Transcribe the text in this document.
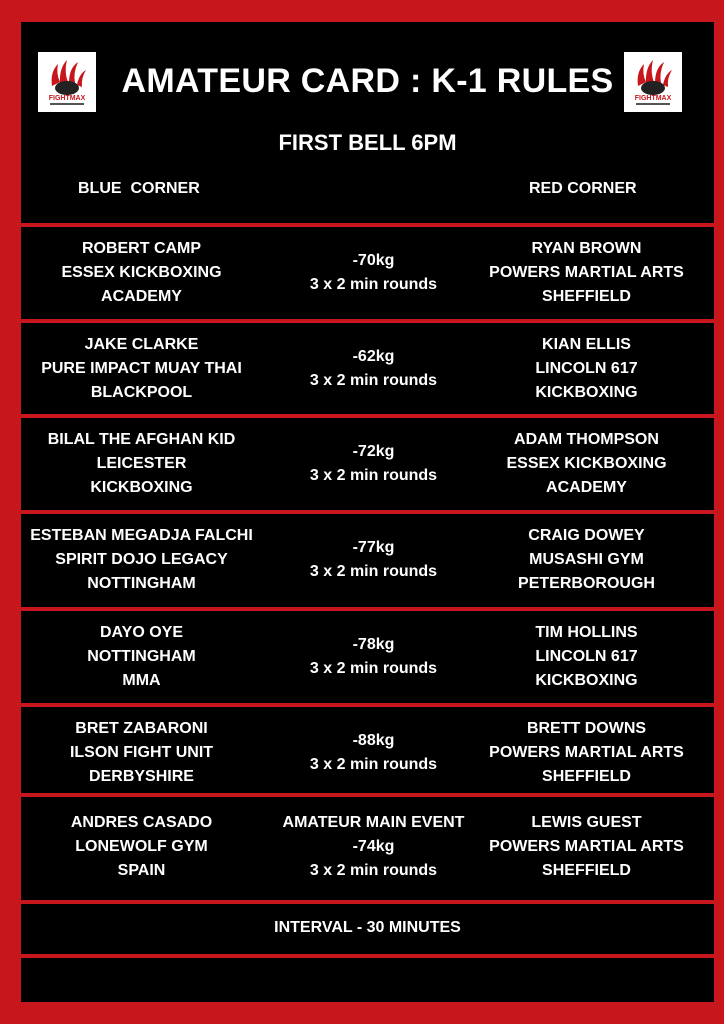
FIGHTMAX	FIGHTMAX
AMATEUR CARD : K-1 RULES
FIRST BELL 6PM
BLUE  CORNER	RED CORNER
ROBERT CAMP
ESSEX KICKBOXING
ACADEMY
-70kg
3 x 2 min rounds
RYAN BROWN
POWERS MARTIAL ARTS
SHEFFIELD
JAKE CLARKE
PURE IMPACT MUAY THAI
BLACKPOOL
-62kg
3 x 2 min rounds
KIAN ELLIS
LINCOLN 617
KICKBOXING
BILAL THE AFGHAN KID
LEICESTER
KICKBOXING
-72kg
3 x 2 min rounds
ADAM THOMPSON
ESSEX KICKBOXING
ACADEMY
ESTEBAN MEGADJA FALCHI
SPIRIT DOJO LEGACY
NOTTINGHAM
-77kg
3 x 2 min rounds
CRAIG DOWEY
MUSASHI GYM
PETERBOROUGH
DAYO OYE
NOTTINGHAM
MMA
-78kg
3 x 2 min rounds
TIM HOLLINS
LINCOLN 617
KICKBOXING
BRET ZABARONI
ILSON FIGHT UNIT
DERBYSHIRE
-88kg
3 x 2 min rounds
BRETT DOWNS
POWERS MARTIAL ARTS
SHEFFIELD
ANDRES CASADO
LONEWOLF GYM
SPAIN
AMATEUR MAIN EVENT
-74kg
3 x 2 min rounds
LEWIS GUEST
POWERS MARTIAL ARTS
SHEFFIELD
INTERVAL - 30 MINUTES
